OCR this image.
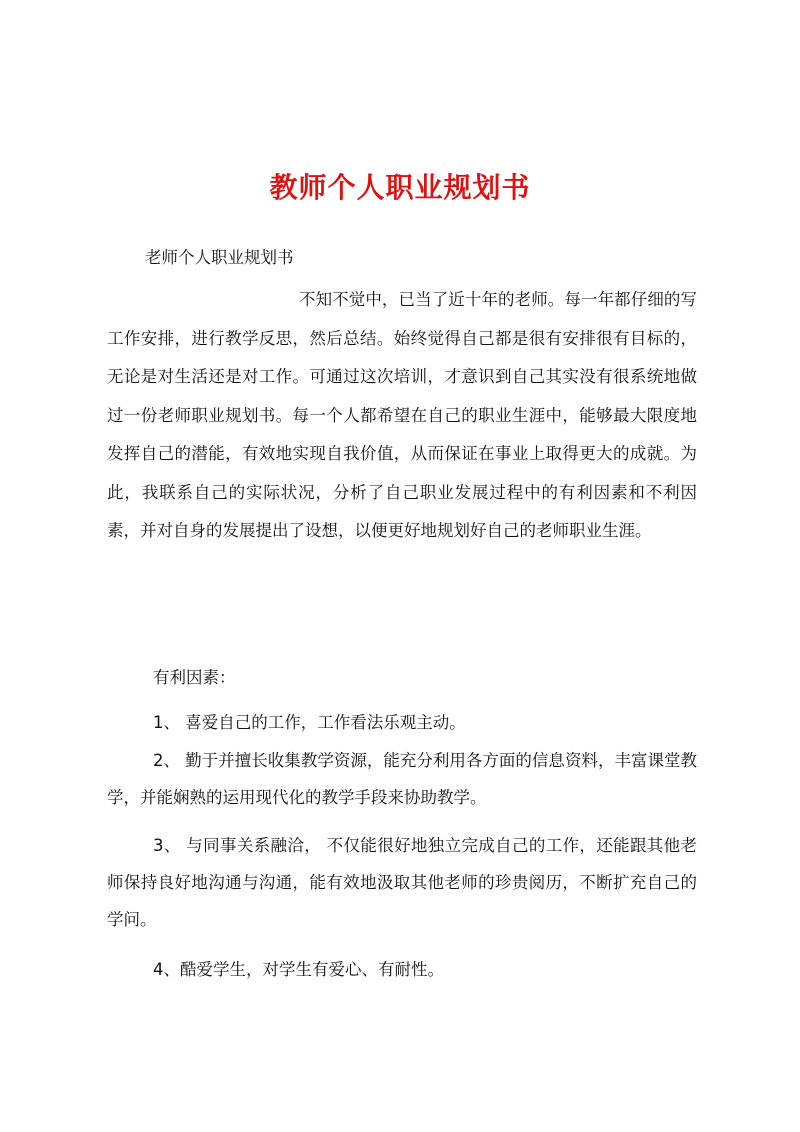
教师个人职业规划书

老师个人职业规划书

不知不觉中，已当了近十年的老师。每一年都仔细的写工作安排，进行教学反思，然后总结。始终觉得自己都是很有安排很有目标的，无论是对生活还是对工作。可通过这次培训，才意识到自己其实没有很系统地做过一份老师职业规划书。每一个人都希望在自己的职业生涯中，能够最大限度地发挥自己的潜能，有效地实现自我价值，从而保证在事业上取得更大的成就。为此，我联系自己的实际状况，分析了自己职业发展过程中的有利因素和不利因素，并对自身的发展提出了设想，以便更好地规划好自己的老师职业生涯。

有利因素：

1、 喜爱自己的工作，工作看法乐观主动。

2、 勤于并擅长收集教学资源，能充分利用各方面的信息资料，丰富课堂教学，并能娴熟的运用现代化的教学手段来协助教学。

3、 与同事关系融洽， 不仅能很好地独立完成自己的工作，还能跟其他老师保持良好地沟通与沟通，能有效地汲取其他老师的珍贵阅历，不断扩充自己的学问。

4、酷爱学生，对学生有爱心、有耐性。
